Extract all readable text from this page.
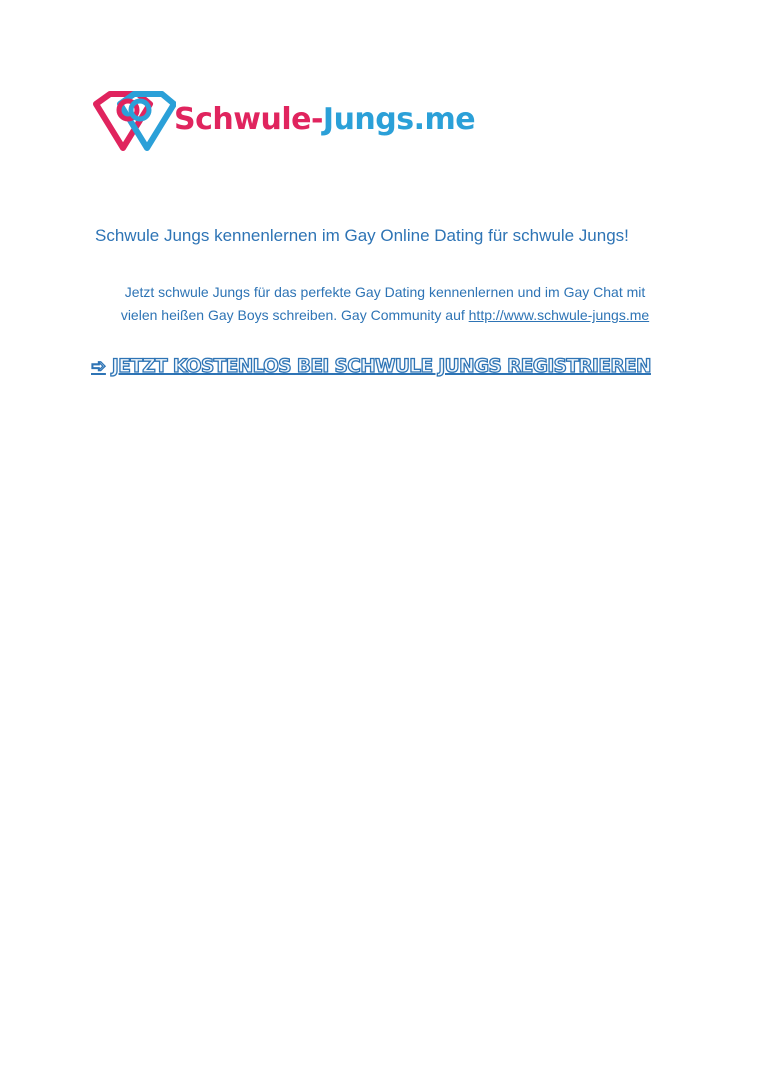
Schwule-Jungs.me
Schwule Jungs kennenlernen im Gay Online Dating für schwule Jungs!
Jetzt schwule Jungs für das perfekte Gay Dating kennenlernen und im Gay Chat mit
vielen heißen Gay Boys schreiben. Gay Community auf http://www.schwule-jungs.me
➩ JETZT KOSTENLOS BEI SCHWULE JUNGS REGISTRIEREN
